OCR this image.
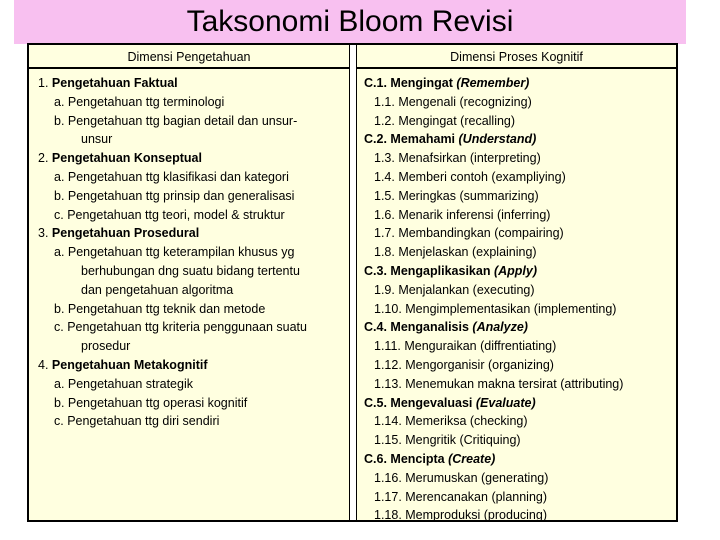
Taksonomi Bloom Revisi
Dimensi Pengetahuan
1. Pengetahuan Faktual
a. Pengetahuan ttg terminologi
b. Pengetahuan ttg bagian detail dan unsur-
unsur
2. Pengetahuan Konseptual
a. Pengetahuan ttg klasifikasi dan kategori
b. Pengetahuan ttg prinsip dan generalisasi
c. Pengetahuan ttg teori, model & struktur
3. Pengetahuan Prosedural
a. Pengetahuan ttg keterampilan khusus yg
berhubungan dng suatu bidang tertentu
dan pengetahuan algoritma
b. Pengetahuan ttg teknik dan metode
c. Pengetahuan ttg kriteria penggunaan suatu
prosedur
4. Pengetahuan Metakognitif
a. Pengetahuan strategik
b. Pengetahuan ttg operasi kognitif
c. Pengetahuan ttg diri sendiri
Dimensi Proses Kognitif
C.1. Mengingat (Remember)
1.1. Mengenali (recognizing)
1.2. Mengingat (recalling)
C.2. Memahami (Understand)
1.3. Menafsirkan (interpreting)
1.4. Memberi contoh (exampliying)
1.5. Meringkas (summarizing)
1.6. Menarik inferensi (inferring)
1.7. Membandingkan (compairing)
1.8. Menjelaskan (explaining)
C.3. Mengaplikasikan (Apply)
1.9. Menjalankan (executing)
1.10. Mengimplementasikan (implementing)
C.4. Menganalisis (Analyze)
1.11. Menguraikan (diffrentiating)
1.12. Mengorganisir (organizing)
1.13. Menemukan makna tersirat (attributing)
C.5. Mengevaluasi (Evaluate)
1.14. Memeriksa (checking)
1.15. Mengritik (Critiquing)
C.6. Mencipta (Create)
1.16. Merumuskan (generating)
1.17. Merencanakan (planning)
1.18. Memproduksi (producing)
